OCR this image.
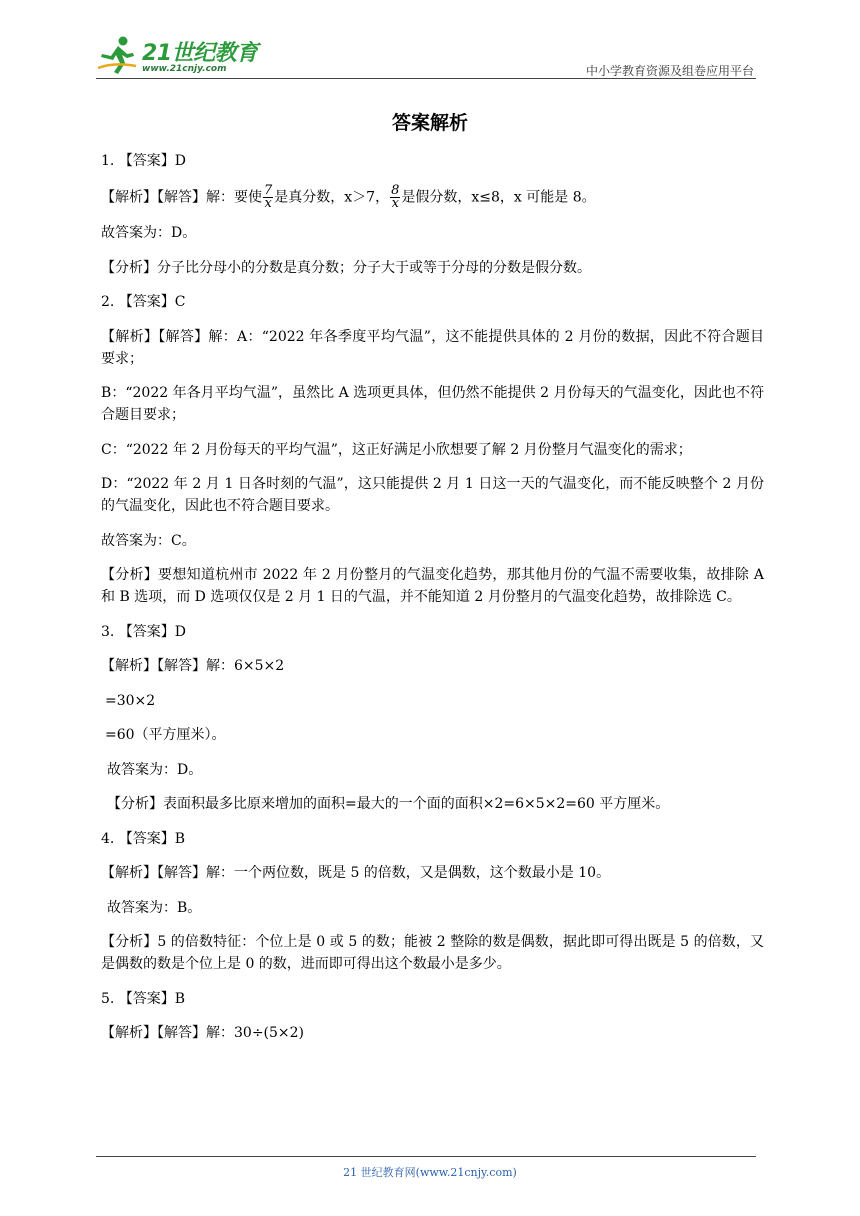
21世纪教育
www.21cnjy.com	中小学教育资源及组卷应用平台
答案解析

1. 【答案】D

【解析】【解答】解：要使 $\frac{7}{x}$ 是真分数，x＞7， $\frac{8}{x}$ 是假分数，x≤8，x 可能是 8。

故答案为：D。

【分析】分子比分母小的分数是真分数；分子大于或等于分母的分数是假分数。

2. 【答案】C

【解析】【解答】解：A：“2022 年各季度平均气温”，这不能提供具体的 2 月份的数据，因此不符合题目要求；

B：“2022 年各月平均气温”，虽然比 A 选项更具体，但仍然不能提供 2 月份每天的气温变化，因此也不符合题目要求；

C：“2022 年 2 月份每天的平均气温”，这正好满足小欣想要了解 2 月份整月气温变化的需求；

D：“2022 年 2 月 1 日各时刻的气温”，这只能提供 2 月 1 日这一天的气温变化，而不能反映整个 2 月份的气温变化，因此也不符合题目要求。

故答案为：C。

【分析】要想知道杭州市 2022 年 2 月份整月的气温变化趋势，那其他月份的气温不需要收集，故排除 A 和 B 选项，而 D 选项仅仅是 2 月 1 日的气温，并不能知道 2 月份整月的气温变化趋势，故排除选 C。

3. 【答案】D

【解析】【解答】解：6×5×2

=30×2

=60（平方厘米）。

故答案为：D。

【分析】表面积最多比原来增加的面积=最大的一个面的面积×2=6×5×2=60 平方厘米。

4. 【答案】B

【解析】【解答】解：一个两位数，既是 5 的倍数，又是偶数，这个数最小是 10。

故答案为：B。

【分析】5 的倍数特征：个位上是 0 或 5 的数；能被 2 整除的数是偶数，据此即可得出既是 5 的倍数，又是偶数的数是个位上是 0 的数，进而即可得出这个数最小是多少。

5. 【答案】B

【解析】【解答】解：30÷(5×2)

21 世纪教育网(www.21cnjy.com)
